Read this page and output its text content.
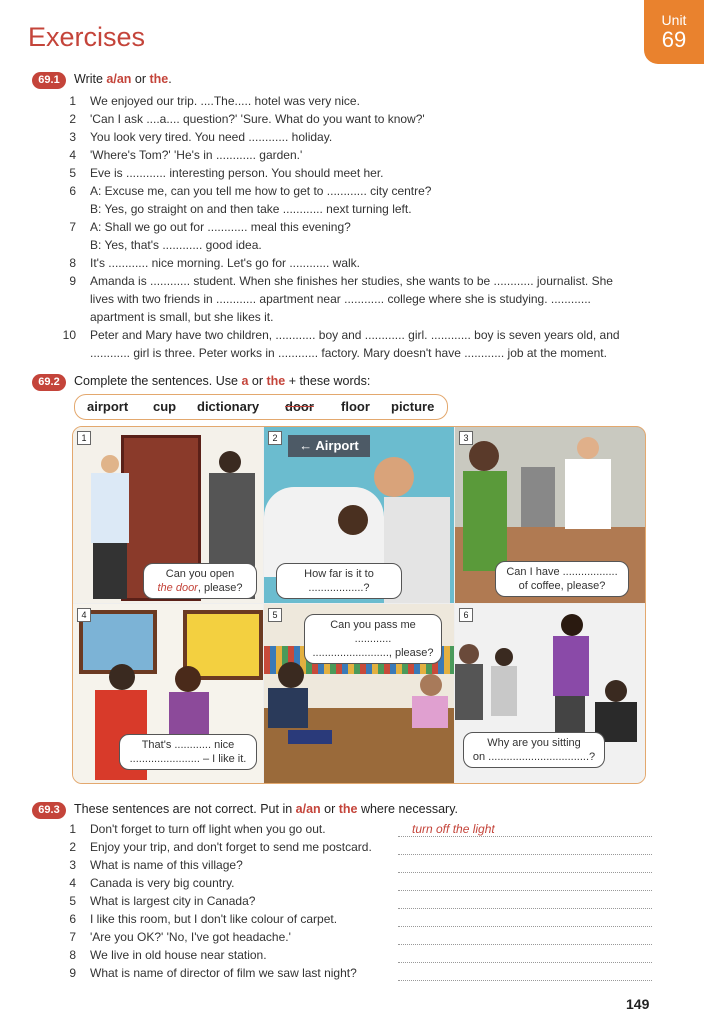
Exercises
Unit
69
69.1	Write a/an or the.
1 We enjoyed our trip. ....The..... hotel was very nice.
2 'Can I ask ....a.... question?' 'Sure. What do you want to know?'
3 You look very tired. You need ............ holiday.
4 'Where's Tom?' 'He's in ............ garden.'
5 Eve is ............ interesting person. You should meet her.
6 A: Excuse me, can you tell me how to get to ............ city centre?
B: Yes, go straight on and then take ............ next turning left.
7 A: Shall we go out for ............ meal this evening?
B: Yes, that's ............ good idea.
8 It's ............ nice morning. Let's go for ............ walk.
9 Amanda is ............ student. When she finishes her studies, she wants to be ............ journalist. She
lives with two friends in ............ apartment near ............ college where she is studying. ............
apartment is small, but she likes it.
10 Peter and Mary have two children, ............ boy and ............ girl. ............ boy is seven years old, and
............ girl is three. Peter works in ............ factory. Mary doesn't have ............ job at the moment.
69.2	Complete the sentences. Use a or the + these words:
airport cup dictionary door floor picture
1
Can you open
the door, please?
← Airport
2
How far is it to ..................?
3
Can I have ..................
of coffee, please?
4
That's ............ nice
....................... – I like it.
5
Can you pass me ............
........................., please?
6
Why are you sitting
on .................................?
69.3	These sentences are not correct. Put in a/an or the where necessary.
1 Don't forget to turn off light when you go out.	turn off the light
2 Enjoy your trip, and don't forget to send me postcard.
3 What is name of this village?
4 Canada is very big country.
5 What is largest city in Canada?
6 I like this room, but I don't like colour of carpet.
7 'Are you OK?' 'No, I've got headache.'
8 We live in old house near station.
9 What is name of director of film we saw last night?
149
